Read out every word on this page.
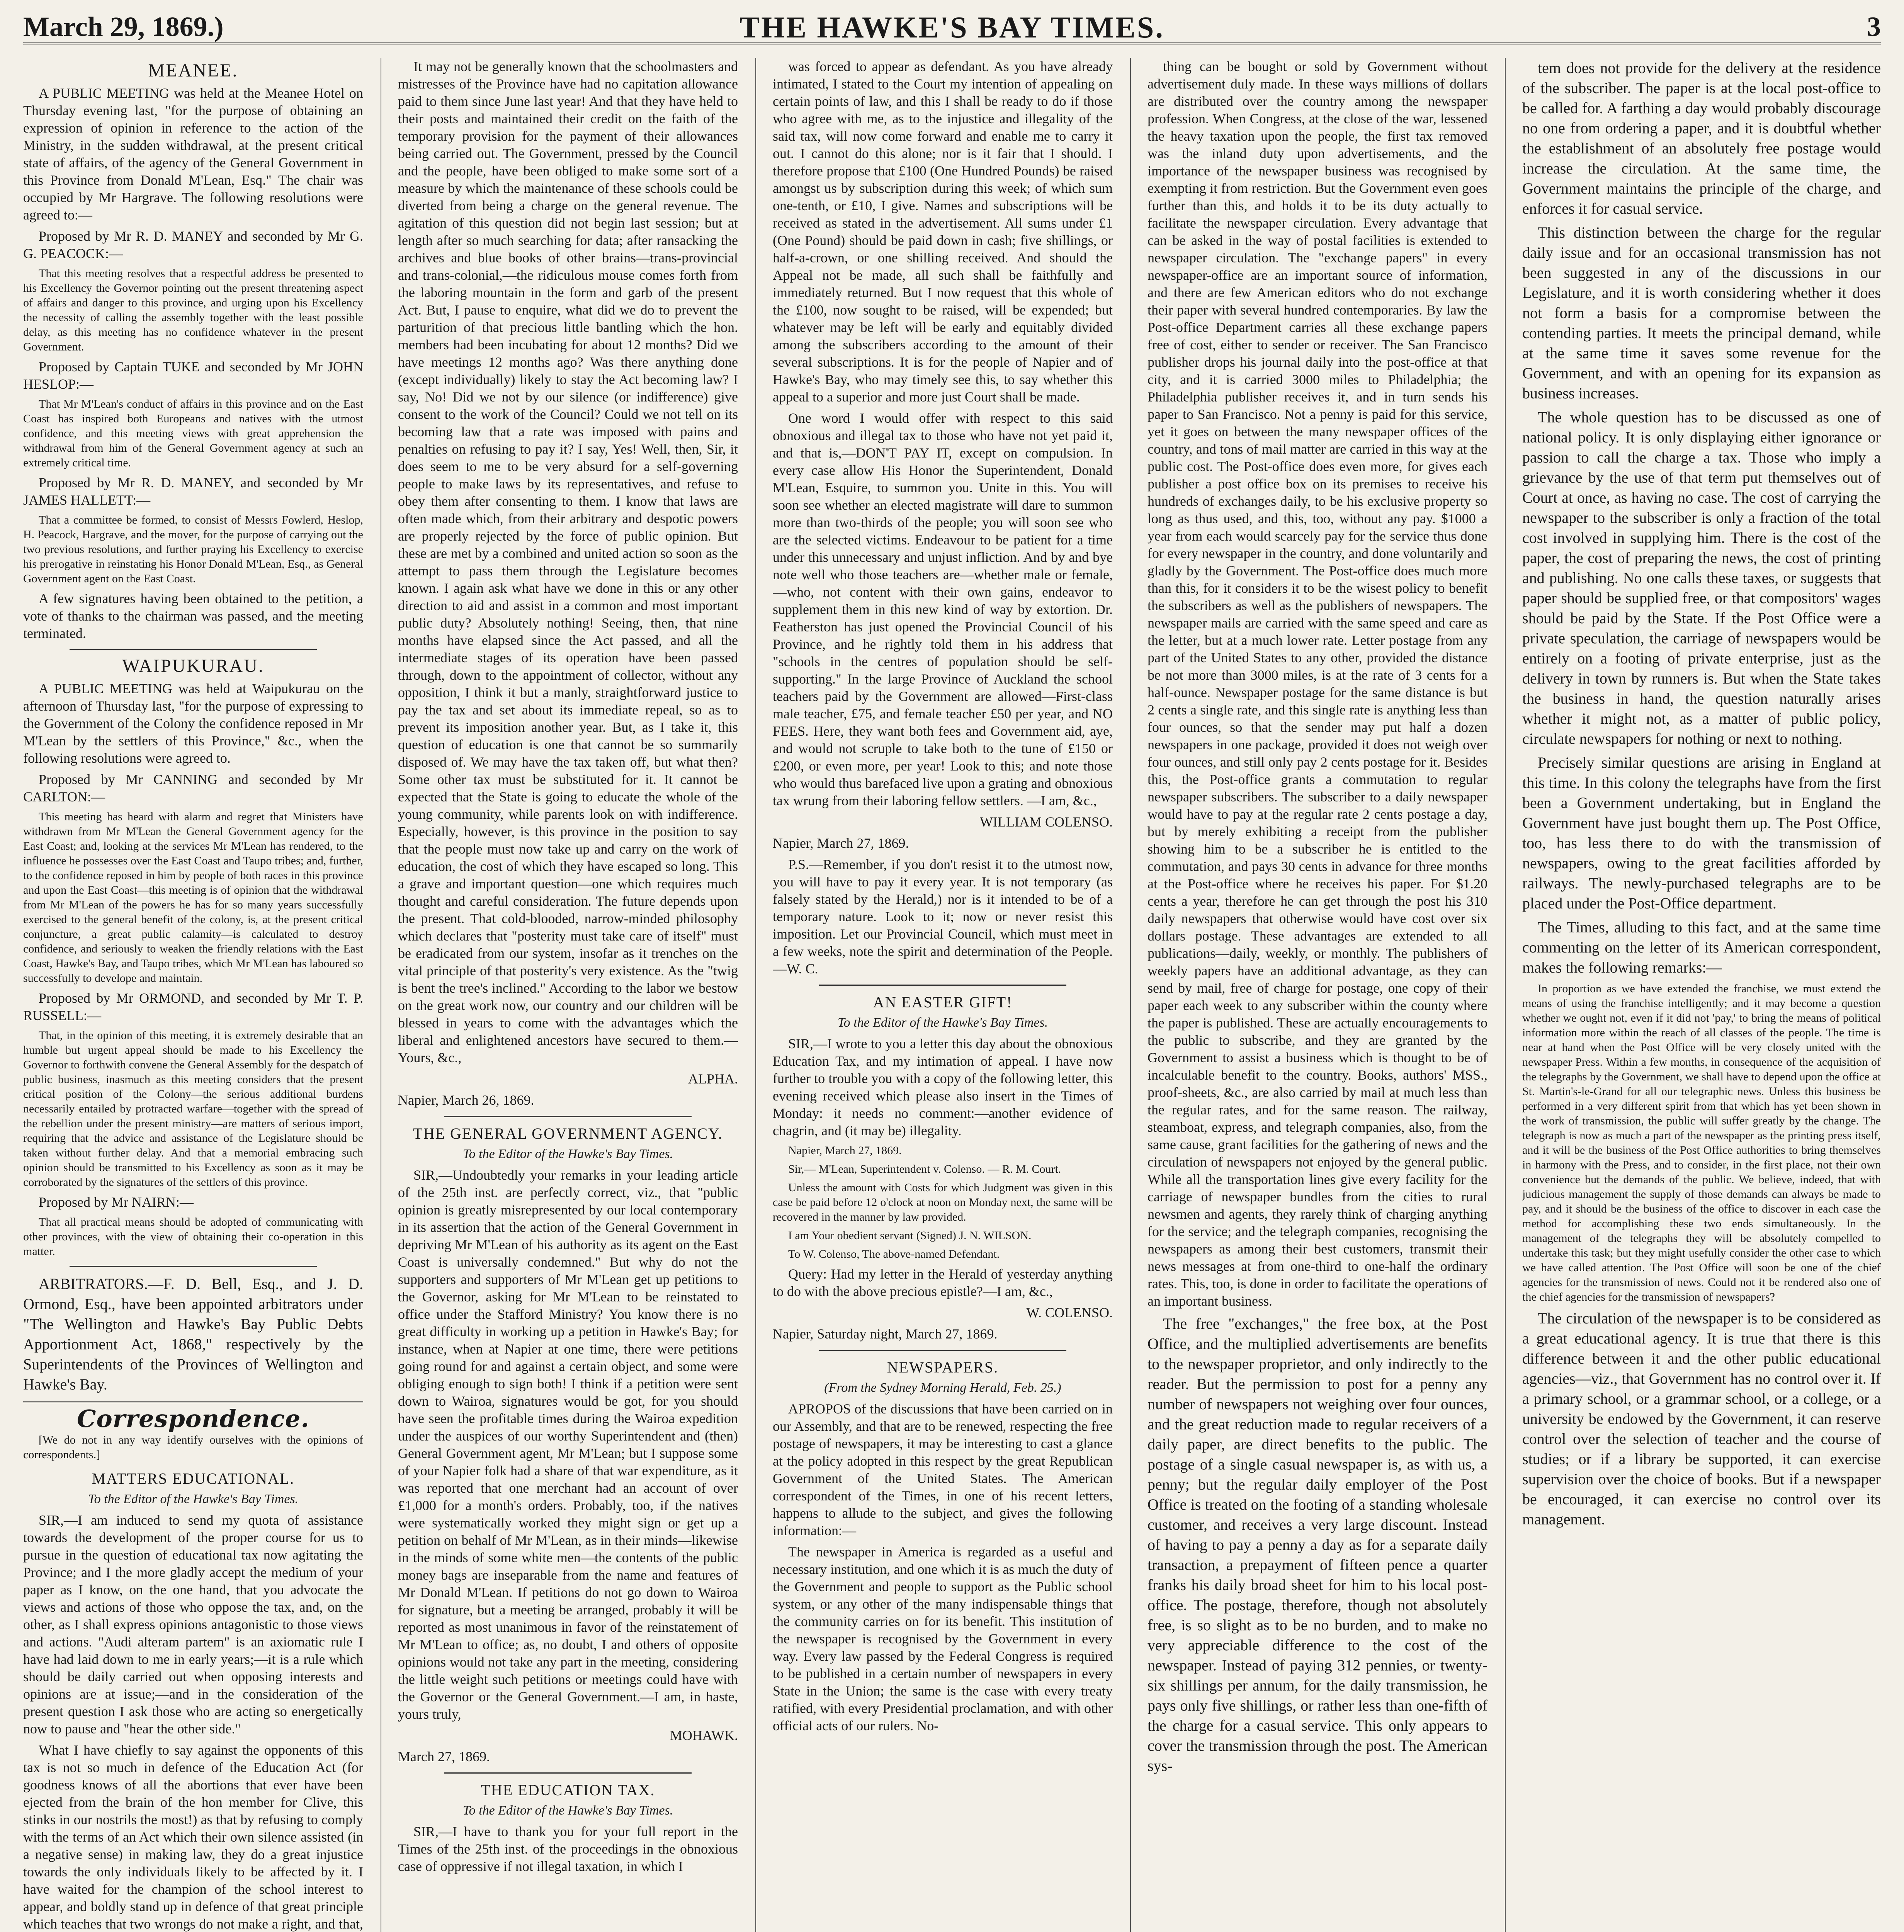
March 29, 1869.)	THE HAWKE'S BAY TIMES.	3
MEANEE.

A PUBLIC MEETING was held at the Meanee Hotel on Thursday evening last, "for the purpose of obtaining an expression of opinion in reference to the action of the Ministry, in the sudden withdrawal, at the present critical state of affairs, of the agency of the General Government in this Province from Donald M'Lean, Esq." The chair was occupied by Mr Hargrave. The following resolutions were agreed to:—

Proposed by Mr R. D. MANEY and seconded by Mr G. G. PEACOCK:—

That this meeting resolves that a respectful address be presented to his Excellency the Governor pointing out the present threatening aspect of affairs and danger to this province, and urging upon his Excellency the necessity of calling the assembly together with the least possible delay, as this meeting has no confidence whatever in the present Government.

Proposed by Captain TUKE and seconded by Mr JOHN HESLOP:—

That Mr M'Lean's conduct of affairs in this province and on the East Coast has inspired both Europeans and natives with the utmost confidence, and this meeting views with great apprehension the withdrawal from him of the General Government agency at such an extremely critical time.

Proposed by Mr R. D. MANEY, and seconded by Mr JAMES HALLETT:—

That a committee be formed, to consist of Messrs Fowlerd, Heslop, H. Peacock, Hargrave, and the mover, for the purpose of carrying out the two previous resolutions, and further praying his Excellency to exercise his prerogative in reinstating his Honor Donald M'Lean, Esq., as General Government agent on the East Coast.

A few signatures having been obtained to the petition, a vote of thanks to the chairman was passed, and the meeting terminated.

WAIPUKURAU.

A PUBLIC MEETING was held at Waipukurau on the afternoon of Thursday last, "for the purpose of expressing to the Government of the Colony the confidence reposed in Mr M'Lean by the settlers of this Province," &c., when the following resolutions were agreed to.

Proposed by Mr CANNING and seconded by Mr CARLTON:—

This meeting has heard with alarm and regret that Ministers have withdrawn from Mr M'Lean the General Government agency for the East Coast; and, looking at the services Mr M'Lean has rendered, to the influence he possesses over the East Coast and Taupo tribes; and, further, to the confidence reposed in him by people of both races in this province and upon the East Coast—this meeting is of opinion that the withdrawal from Mr M'Lean of the powers he has for so many years successfully exercised to the general benefit of the colony, is, at the present critical conjuncture, a great public calamity—is calculated to destroy confidence, and seriously to weaken the friendly relations with the East Coast, Hawke's Bay, and Taupo tribes, which Mr M'Lean has laboured so successfully to develope and maintain.

Proposed by Mr ORMOND, and seconded by Mr T. P. RUSSELL:—

That, in the opinion of this meeting, it is extremely desirable that an humble but urgent appeal should be made to his Excellency the Governor to forthwith convene the General Assembly for the despatch of public business, inasmuch as this meeting considers that the present critical position of the Colony—the serious additional burdens necessarily entailed by protracted warfare—together with the spread of the rebellion under the present ministry—are matters of serious import, requiring that the advice and assistance of the Legislature should be taken without further delay. And that a memorial embracing such opinion should be transmitted to his Excellency as soon as it may be corroborated by the signatures of the settlers of this province.

Proposed by Mr NAIRN:—

That all practical means should be adopted of communicating with other provinces, with the view of obtaining their co-operation in this matter.

ARBITRATORS.—F. D. Bell, Esq., and J. D. Ormond, Esq., have been appointed arbitrators under "The Wellington and Hawke's Bay Public Debts Apportionment Act, 1868," respectively by the Superintendents of the Provinces of Wellington and Hawke's Bay.

Correspondence.

[We do not in any way identify ourselves with the opinions of correspondents.]

MATTERS EDUCATIONAL.
To the Editor of the Hawke's Bay Times.

SIR,—I am induced to send my quota of assistance towards the development of the proper course for us to pursue in the question of educational tax now agitating the Province; and I the more gladly accept the medium of your paper as I know, on the one hand, that you advocate the views and actions of those who oppose the tax, and, on the other, as I shall express opinions antagonistic to those views and actions. "Audi alteram partem" is an axiomatic rule I have had laid down to me in early years;—it is a rule which should be daily carried out when opposing interests and opinions are at issue;—and in the consideration of the present question I ask those who are acting so energetically now to pause and "hear the other side."

What I have chiefly to say against the opponents of this tax is not so much in defence of the Education Act (for goodness knows of all the abortions that ever have been ejected from the brain of the hon member for Clive, this stinks in our nostrils the most!) as that by refusing to comply with the terms of an Act which their own silence assisted (in a negative sense) in making law, they do a great injustice towards the only individuals likely to be affected by it. I have waited for the champion of the school interest to appear, and boldly stand up in defence of that great principle which teaches that two wrongs do not make a right, and that,

It may not be generally known that the schoolmasters and mistresses of the Province have had no capitation allowance paid to them since June last year! And that they have held to their posts and maintained their credit on the faith of the temporary provision for the payment of their allowances being carried out. The Government, pressed by the Council and the people, have been obliged to make some sort of a measure by which the maintenance of these schools could be diverted from being a charge on the general revenue. The agitation of this question did not begin last session; but at length after so much searching for data; after ransacking the archives and blue books of other brains—trans-provincial and trans-colonial,—the ridiculous mouse comes forth from the laboring mountain in the form and garb of the present Act. But, I pause to enquire, what did we do to prevent the parturition of that precious little bantling which the hon. members had been incubating for about 12 months? Did we have meetings 12 months ago? Was there anything done (except individually) likely to stay the Act becoming law? I say, No! Did we not by our silence (or indifference) give consent to the work of the Council? Could we not tell on its becoming law that a rate was imposed with pains and penalties on refusing to pay it? I say, Yes! Well, then, Sir, it does seem to me to be very absurd for a self-governing people to make laws by its representatives, and refuse to obey them after consenting to them. I know that laws are often made which, from their arbitrary and despotic powers are properly rejected by the force of public opinion. But these are met by a combined and united action so soon as the attempt to pass them through the Legislature becomes known. I again ask what have we done in this or any other direction to aid and assist in a common and most important public duty? Absolutely nothing! Seeing, then, that nine months have elapsed since the Act passed, and all the intermediate stages of its operation have been passed through, down to the appointment of collector, without any opposition, I think it but a manly, straightforward justice to pay the tax and set about its immediate repeal, so as to prevent its imposition another year. But, as I take it, this question of education is one that cannot be so summarily disposed of. We may have the tax taken off, but what then? Some other tax must be substituted for it. It cannot be expected that the State is going to educate the whole of the young community, while parents look on with indifference. Especially, however, is this province in the position to say that the people must now take up and carry on the work of education, the cost of which they have escaped so long. This a grave and important question—one which requires much thought and careful consideration. The future depends upon the present. That cold-blooded, narrow-minded philosophy which declares that "posterity must take care of itself" must be eradicated from our system, insofar as it trenches on the vital principle of that posterity's very existence. As the "twig is bent the tree's inclined." According to the labor we bestow on the great work now, our country and our children will be blessed in years to come with the advantages which the liberal and enlightened ancestors have secured to them.—Yours, &c.,

ALPHA.

Napier, March 26, 1869.

THE GENERAL GOVERNMENT AGENCY.
To the Editor of the Hawke's Bay Times.

SIR,—Undoubtedly your remarks in your leading article of the 25th inst. are perfectly correct, viz., that "public opinion is greatly misrepresented by our local contemporary in its assertion that the action of the General Government in depriving Mr M'Lean of his authority as its agent on the East Coast is universally condemned." But why do not the supporters and supporters of Mr M'Lean get up petitions to the Governor, asking for Mr M'Lean to be reinstated to office under the Stafford Ministry? You know there is no great difficulty in working up a petition in Hawke's Bay; for instance, when at Napier at one time, there were petitions going round for and against a certain object, and some were obliging enough to sign both! I think if a petition were sent down to Wairoa, signatures would be got, for you should have seen the profitable times during the Wairoa expedition under the auspices of our worthy Superintendent and (then) General Government agent, Mr M'Lean; but I suppose some of your Napier folk had a share of that war expenditure, as it was reported that one merchant had an account of over £1,000 for a month's orders. Probably, too, if the natives were systematically worked they might sign or get up a petition on behalf of Mr M'Lean, as in their minds—likewise in the minds of some white men—the contents of the public money bags are inseparable from the name and features of Mr Donald M'Lean. If petitions do not go down to Wairoa for signature, but a meeting be arranged, probably it will be reported as most unanimous in favor of the reinstatement of Mr M'Lean to office; as, no doubt, I and others of opposite opinions would not take any part in the meeting, considering the little weight such petitions or meetings could have with the Governor or the General Government.—I am, in haste, yours truly,

MOHAWK.

March 27, 1869.

THE EDUCATION TAX.
To the Editor of the Hawke's Bay Times.

SIR,—I have to thank you for your full report in the Times of the 25th inst. of the proceedings in the obnoxious case of oppressive if not illegal taxation, in which I

was forced to appear as defendant. As you have already intimated, I stated to the Court my intention of appealing on certain points of law, and this I shall be ready to do if those who agree with me, as to the injustice and illegality of the said tax, will now come forward and enable me to carry it out. I cannot do this alone; nor is it fair that I should. I therefore propose that £100 (One Hundred Pounds) be raised amongst us by subscription during this week; of which sum one-tenth, or £10, I give. Names and subscriptions will be received as stated in the advertisement. All sums under £1 (One Pound) should be paid down in cash; five shillings, or half-a-crown, or one shilling received. And should the Appeal not be made, all such shall be faithfully and immediately returned. But I now request that this whole of the £100, now sought to be raised, will be expended; but whatever may be left will be early and equitably divided among the subscribers according to the amount of their several subscriptions. It is for the people of Napier and of Hawke's Bay, who may timely see this, to say whether this appeal to a superior and more just Court shall be made.

One word I would offer with respect to this said obnoxious and illegal tax to those who have not yet paid it, and that is,—DON'T PAY IT, except on compulsion. In every case allow His Honor the Superintendent, Donald M'Lean, Esquire, to summon you. Unite in this. You will soon see whether an elected magistrate will dare to summon more than two-thirds of the people; you will soon see who are the selected victims. Endeavour to be patient for a time under this unnecessary and unjust infliction. And by and bye note well who those teachers are—whether male or female,—who, not content with their own gains, endeavor to supplement them in this new kind of way by extortion. Dr. Featherston has just opened the Provincial Council of his Province, and he rightly told them in his address that "schools in the centres of population should be self-supporting." In the large Province of Auckland the school teachers paid by the Government are allowed—First-class male teacher, £75, and female teacher £50 per year, and NO FEES. Here, they want both fees and Government aid, aye, and would not scruple to take both to the tune of £150 or £200, or even more, per year! Look to this; and note those who would thus barefaced live upon a grating and obnoxious tax wrung from their laboring fellow settlers. —I am, &c.,

WILLIAM COLENSO.

Napier, March 27, 1869.

P.S.—Remember, if you don't resist it to the utmost now, you will have to pay it every year. It is not temporary (as falsely stated by the Herald,) nor is it intended to be of a temporary nature. Look to it; now or never resist this imposition. Let our Provincial Council, which must meet in a few weeks, note the spirit and determination of the People.—W. C.

AN EASTER GIFT!
To the Editor of the Hawke's Bay Times.

SIR,—I wrote to you a letter this day about the obnoxious Education Tax, and my intimation of appeal. I have now further to trouble you with a copy of the following letter, this evening received which please also insert in the Times of Monday: it needs no comment:—another evidence of chagrin, and (it may be) illegality.

Napier, March 27, 1869.

Sir,— M'Lean, Superintendent v. Colenso. — R. M. Court.

Unless the amount with Costs for which Judgment was given in this case be paid before 12 o'clock at noon on Monday next, the same will be recovered in the manner by law provided.

I am Your obedient servant (Signed) J. N. WILSON.

To W. Colenso, The above-named Defendant.

Query: Had my letter in the Herald of yesterday anything to do with the above precious epistle?—I am, &c.,

W. COLENSO.

Napier, Saturday night, March 27, 1869.

NEWSPAPERS.
(From the Sydney Morning Herald, Feb. 25.)

APROPOS of the discussions that have been carried on in our Assembly, and that are to be renewed, respecting the free postage of newspapers, it may be interesting to cast a glance at the policy adopted in this respect by the great Republican Government of the United States. The American correspondent of the Times, in one of his recent letters, happens to allude to the subject, and gives the following information:—

The newspaper in America is regarded as a useful and necessary institution, and one which it is as much the duty of the Government and people to support as the Public school system, or any other of the many indispensable things that the community carries on for its benefit. This institution of the newspaper is recognised by the Government in every way. Every law passed by the Federal Congress is required to be published in a certain number of newspapers in every State in the Union; the same is the case with every treaty ratified, with every Presidential proclamation, and with other official acts of our rulers. No-

thing can be bought or sold by Government without advertisement duly made. In these ways millions of dollars are distributed over the country among the newspaper profession. When Congress, at the close of the war, lessened the heavy taxation upon the people, the first tax removed was the inland duty upon advertisements, and the importance of the newspaper business was recognised by exempting it from restriction. But the Government even goes further than this, and holds it to be its duty actually to facilitate the newspaper circulation. Every advantage that can be asked in the way of postal facilities is extended to newspaper circulation. The "exchange papers" in every newspaper-office are an important source of information, and there are few American editors who do not exchange their paper with several hundred contemporaries. By law the Post-office Department carries all these exchange papers free of cost, either to sender or receiver. The San Francisco publisher drops his journal daily into the post-office at that city, and it is carried 3000 miles to Philadelphia; the Philadelphia publisher receives it, and in turn sends his paper to San Francisco. Not a penny is paid for this service, yet it goes on between the many newspaper offices of the country, and tons of mail matter are carried in this way at the public cost. The Post-office does even more, for gives each publisher a post office box on its premises to receive his hundreds of exchanges daily, to be his exclusive property so long as thus used, and this, too, without any pay. $1000 a year from each would scarcely pay for the service thus done for every newspaper in the country, and done voluntarily and gladly by the Government. The Post-office does much more than this, for it considers it to be the wisest policy to benefit the subscribers as well as the publishers of newspapers. The newspaper mails are carried with the same speed and care as the letter, but at a much lower rate. Letter postage from any part of the United States to any other, provided the distance be not more than 3000 miles, is at the rate of 3 cents for a half-ounce. Newspaper postage for the same distance is but 2 cents a single rate, and this single rate is anything less than four ounces, so that the sender may put half a dozen newspapers in one package, provided it does not weigh over four ounces, and still only pay 2 cents postage for it. Besides this, the Post-office grants a commutation to regular newspaper subscribers. The subscriber to a daily newspaper would have to pay at the regular rate 2 cents postage a day, but by merely exhibiting a receipt from the publisher showing him to be a subscriber he is entitled to the commutation, and pays 30 cents in advance for three months at the Post-office where he receives his paper. For $1.20 cents a year, therefore he can get through the post his 310 daily newspapers that otherwise would have cost over six dollars postage. These advantages are extended to all publications—daily, weekly, or monthly. The publishers of weekly papers have an additional advantage, as they can send by mail, free of charge for postage, one copy of their paper each week to any subscriber within the county where the paper is published. These are actually encouragements to the public to subscribe, and they are granted by the Government to assist a business which is thought to be of incalculable benefit to the country. Books, authors' MSS., proof-sheets, &c., are also carried by mail at much less than the regular rates, and for the same reason. The railway, steamboat, express, and telegraph companies, also, from the same cause, grant facilities for the gathering of news and the circulation of newspapers not enjoyed by the general public. While all the transportation lines give every facility for the carriage of newspaper bundles from the cities to rural newsmen and agents, they rarely think of charging anything for the service; and the telegraph companies, recognising the newspapers as among their best customers, transmit their news messages at from one-third to one-half the ordinary rates. This, too, is done in order to facilitate the operations of an important business.

The free "exchanges," the free box, at the Post Office, and the multiplied advertisements are benefits to the newspaper proprietor, and only indirectly to the reader. But the permission to post for a penny any number of newspapers not weighing over four ounces, and the great reduction made to regular receivers of a daily paper, are direct benefits to the public. The postage of a single casual newspaper is, as with us, a penny; but the regular daily employer of the Post Office is treated on the footing of a standing wholesale customer, and receives a very large discount. Instead of having to pay a penny a day as for a separate daily transaction, a prepayment of fifteen pence a quarter franks his daily broad sheet for him to his local post-office. The postage, therefore, though not absolutely free, is so slight as to be no burden, and to make no very appreciable difference to the cost of the newspaper. Instead of paying 312 pennies, or twenty-six shillings per annum, for the daily transmission, he pays only five shillings, or rather less than one-fifth of the charge for a casual service. This only appears to cover the transmission through the post. The American sys-

tem does not provide for the delivery at the residence of the subscriber. The paper is at the local post-office to be called for. A farthing a day would probably discourage no one from ordering a paper, and it is doubtful whether the establishment of an absolutely free postage would increase the circulation. At the same time, the Government maintains the principle of the charge, and enforces it for casual service.

This distinction between the charge for the regular daily issue and for an occasional transmission has not been suggested in any of the discussions in our Legislature, and it is worth considering whether it does not form a basis for a compromise between the contending parties. It meets the principal demand, while at the same time it saves some revenue for the Government, and with an opening for its expansion as business increases.

The whole question has to be discussed as one of national policy. It is only displaying either ignorance or passion to call the charge a tax. Those who imply a grievance by the use of that term put themselves out of Court at once, as having no case. The cost of carrying the newspaper to the subscriber is only a fraction of the total cost involved in supplying him. There is the cost of the paper, the cost of preparing the news, the cost of printing and publishing. No one calls these taxes, or suggests that paper should be supplied free, or that compositors' wages should be paid by the State. If the Post Office were a private speculation, the carriage of newspapers would be entirely on a footing of private enterprise, just as the delivery in town by runners is. But when the State takes the business in hand, the question naturally arises whether it might not, as a matter of public policy, circulate newspapers for nothing or next to nothing.

Precisely similar questions are arising in England at this time. In this colony the telegraphs have from the first been a Government undertaking, but in England the Government have just bought them up. The Post Office, too, has less there to do with the transmission of newspapers, owing to the great facilities afforded by railways. The newly-purchased telegraphs are to be placed under the Post-Office department.

The Times, alluding to this fact, and at the same time commenting on the letter of its American correspondent, makes the following remarks:—

In proportion as we have extended the franchise, we must extend the means of using the franchise intelligently; and it may become a question whether we ought not, even if it did not 'pay,' to bring the means of political information more within the reach of all classes of the people. The time is near at hand when the Post Office will be very closely united with the newspaper Press. Within a few months, in consequence of the acquisition of the telegraphs by the Government, we shall have to depend upon the office at St. Martin's-le-Grand for all our telegraphic news. Unless this business be performed in a very different spirit from that which has yet been shown in the work of transmission, the public will suffer greatly by the change. The telegraph is now as much a part of the newspaper as the printing press itself, and it will be the business of the Post Office authorities to bring themselves in harmony with the Press, and to consider, in the first place, not their own convenience but the demands of the public. We believe, indeed, that with judicious management the supply of those demands can always be made to pay, and it should be the business of the office to discover in each case the method for accomplishing these two ends simultaneously. In the management of the telegraphs they will be absolutely compelled to undertake this task; but they might usefully consider the other case to which we have called attention. The Post Office will soon be one of the chief agencies for the transmission of news. Could not it be rendered also one of the chief agencies for the transmission of newspapers?

The circulation of the newspaper is to be considered as a great educational agency. It is true that there is this difference between it and the other public educational agencies—viz., that Government has no control over it. If a primary school, or a grammar school, or a college, or a university be endowed by the Government, it can reserve control over the selection of teacher and the course of studies; or if a library be supported, it can exercise supervision over the choice of books. But if a newspaper be encouraged, it can exercise no control over its management.
